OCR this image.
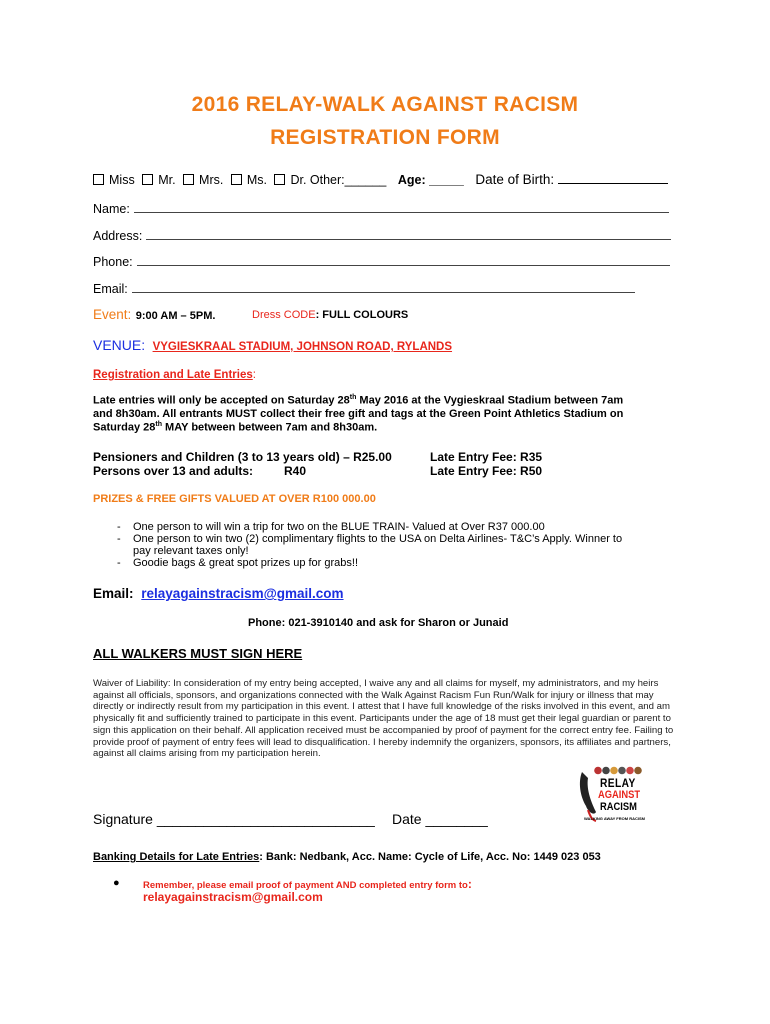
2016 RELAY-WALK AGAINST RACISM
REGISTRATION FORM
Miss Mr. Mrs. Ms. Dr. Other:______ Age: _____ Date of Birth:
Name:
Address:
Phone:
Email:
Event: 9:00 AM – 5PM.	Dress CODE: FULL COLOURS
VENUE: VYGIESKRAAL STADIUM, JOHNSON ROAD, RYLANDS
Registration and Late Entries:
Late entries will only be accepted on Saturday 28th May 2016 at the Vygieskraal Stadium between 7am
and 8h30am. All entrants MUST collect their free gift and tags at the Green Point Athletics Stadium on
Saturday 28th MAY between between 7am and 8h30am.
Pensioners and Children (3 to 13 years old) – R25.00	Late Entry Fee: R35
Persons over 13 and adults:	R40	Late Entry Fee: R50
PRIZES & FREE GIFTS VALUED AT OVER R100 000.00
-	One person to will win a trip for two on the BLUE TRAIN- Valued at Over R37 000.00
-	One person to win two (2) complimentary flights to the USA on Delta Airlines- T&C’s Apply. Winner to
pay relevant taxes only!
-	Goodie bags & great spot prizes up for grabs!!
Email: relayagainstracism@gmail.com
Phone: 021-3910140 and ask for Sharon or Junaid
ALL WALKERS MUST SIGN HERE
Waiver of Liability: In consideration of my entry being accepted, I waive any and all claims for myself, my administrators, and my heirs against all officials, sponsors, and organizations connected with the Walk Against Racism Fun Run/Walk for injury or illness that may directly or indirectly result from my participation in this event. I attest that I have full knowledge of the risks involved in this event, and am physically fit and sufficiently trained to participate in this event. Participants under the age of 18 must get their legal guardian or parent to sign this application on their behalf. All application received must be accompanied by proof of payment for the correct entry fee. Failing to provide proof of payment of entry fees will lead to disqualification. I hereby indemnify the organizers, sponsors, its affiliates and partners, against all claims arising from my participation herein.
RELAY
AGAINST
RACISM
WALKING AWAY FROM RACISM
Signature ____________________________ Date ________
Banking Details for Late Entries: Bank: Nedbank, Acc. Name: Cycle of Life, Acc. No: 1449 023 053
● Remember, please email proof of payment AND completed entry form to:
relayagainstracism@gmail.com
